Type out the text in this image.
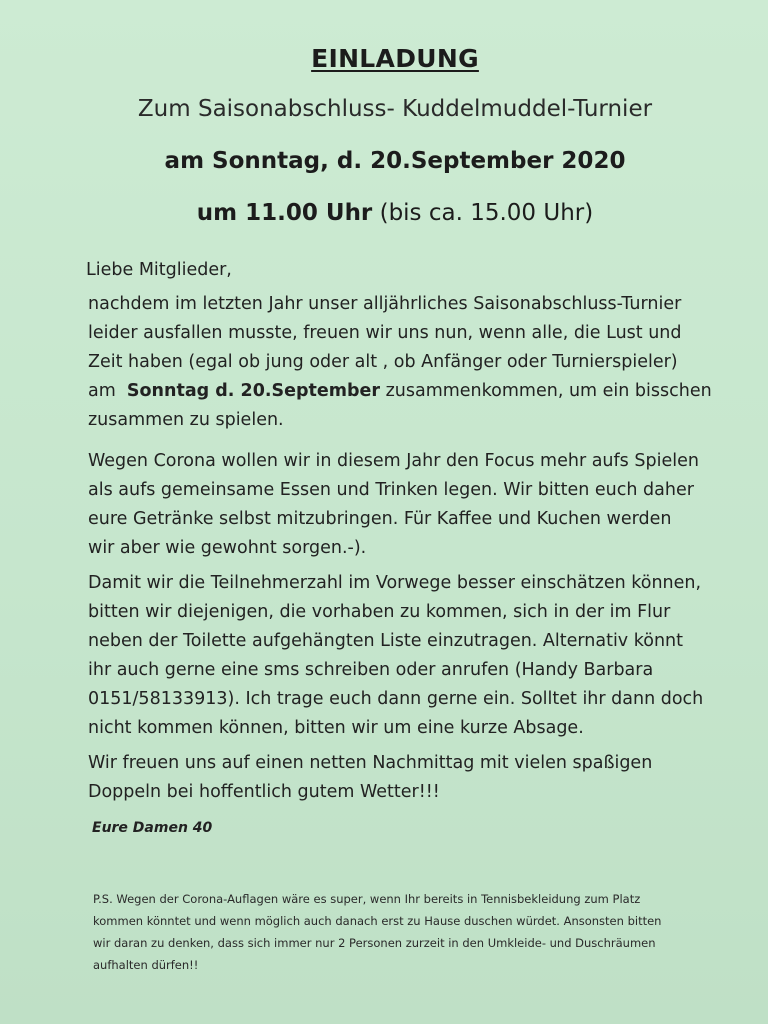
EINLADUNG
Zum Saisonabschluss- Kuddelmuddel-Turnier
am Sonntag, d. 20.September 2020
um 11.00 Uhr (bis ca. 15.00 Uhr)
Liebe Mitglieder,
nachdem im letzten Jahr unser alljährliches Saisonabschluss-Turnier
leider ausfallen musste, freuen wir uns nun, wenn alle, die Lust und
Zeit haben (egal ob jung oder alt , ob Anfänger oder Turnierspieler)
am  Sonntag d. 20.September zusammenkommen, um ein bisschen
zusammen zu spielen.
Wegen Corona wollen wir in diesem Jahr den Focus mehr aufs Spielen
als aufs gemeinsame Essen und Trinken legen. Wir bitten euch daher
eure Getränke selbst mitzubringen. Für Kaffee und Kuchen werden
wir aber wie gewohnt sorgen.-).
Damit wir die Teilnehmerzahl im Vorwege besser einschätzen können,
bitten wir diejenigen, die vorhaben zu kommen, sich in der im Flur
neben der Toilette aufgehängten Liste einzutragen. Alternativ könnt
ihr auch gerne eine sms schreiben oder anrufen (Handy Barbara
0151/58133913). Ich trage euch dann gerne ein. Solltet ihr dann doch
nicht kommen können, bitten wir um eine kurze Absage.
Wir freuen uns auf einen netten Nachmittag mit vielen spaßigen
Doppeln bei hoffentlich gutem Wetter!!!
Eure Damen 40
P.S. Wegen der Corona-Auflagen wäre es super, wenn Ihr bereits in Tennisbekleidung zum Platz
kommen könntet und wenn möglich auch danach erst zu Hause duschen würdet. Ansonsten bitten
wir daran zu denken, dass sich immer nur 2 Personen zurzeit in den Umkleide- und Duschräumen
aufhalten dürfen!!
